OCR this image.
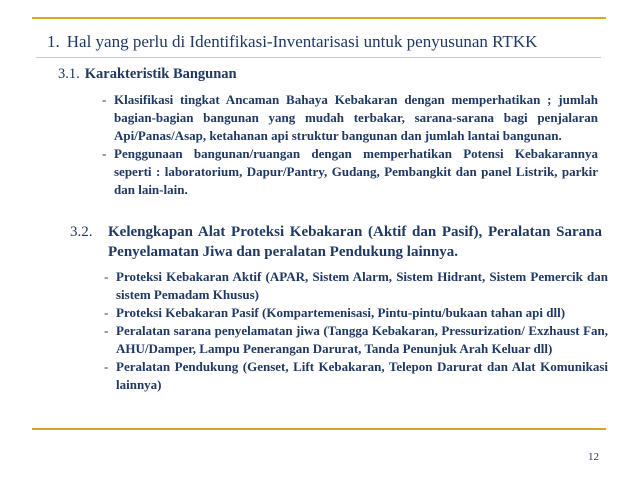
1. Hal yang perlu di Identifikasi-Inventarisasi untuk penyusunan RTKK
3.1. Karakteristik Bangunan
- Klasifikasi tingkat Ancaman Bahaya Kebakaran dengan memperhatikan ; jumlah bagian-bagian bangunan yang mudah terbakar, sarana-sarana bagi penjalaran Api/Panas/Asap, ketahanan api struktur bangunan dan jumlah lantai bangunan.
- Penggunaan bangunan/ruangan dengan memperhatikan Potensi Kebakarannya seperti : laboratorium, Dapur/Pantry, Gudang, Pembangkit dan panel Listrik, parkir dan lain-lain.
3.2. Kelengkapan Alat Proteksi Kebakaran (Aktif dan Pasif), Peralatan Sarana Penyelamatan Jiwa dan peralatan Pendukung lainnya.
- Proteksi Kebakaran Aktif (APAR, Sistem Alarm, Sistem Hidrant, Sistem Pemercik dan sistem Pemadam Khusus)
- Proteksi Kebakaran Pasif (Kompartemenisasi, Pintu-pintu/bukaan tahan api dll)
- Peralatan sarana penyelamatan jiwa (Tangga Kebakaran, Pressurization/ Exzhaust Fan, AHU/Damper, Lampu Penerangan Darurat, Tanda Penunjuk Arah Keluar dll)
- Peralatan Pendukung (Genset, Lift Kebakaran, Telepon Darurat dan Alat Komunikasi lainnya)
12
